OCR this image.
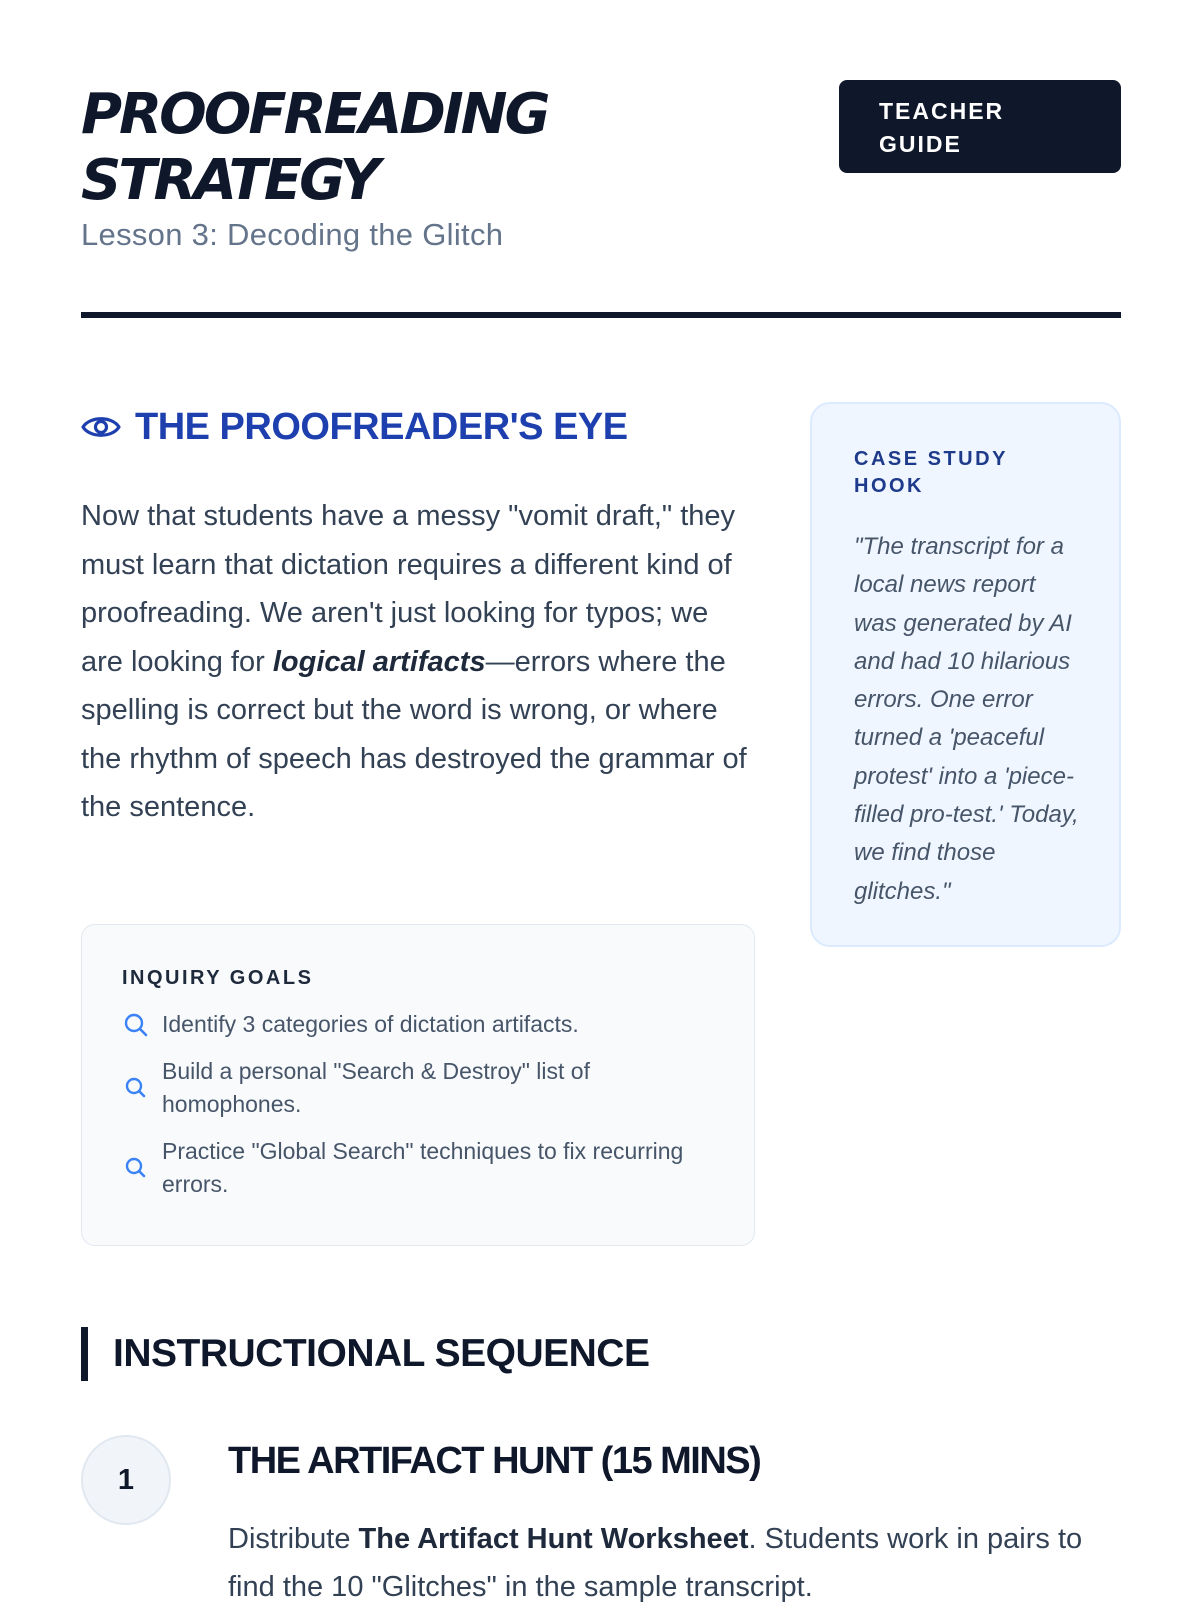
PROOFREADING
STRATEGY
Lesson 3: Decoding the Glitch
TEACHER
GUIDE
THE PROOFREADER'S EYE

Now that students have a messy "vomit draft," they must learn that dictation requires a different kind of proofreading. We aren't just looking for typos; we are looking for logical artifacts—errors where the spelling is correct but the word is wrong, or where the rhythm of speech has destroyed the grammar of the sentence.

INQUIRY GOALS
Identify 3 categories of dictation artifacts.
Build a personal "Search & Destroy" list of homophones.
Practice "Global Search" techniques to fix recurring errors.
CASE STUDY HOOK
"The transcript for a local news report was generated by AI and had 10 hilarious errors. One error turned a 'peaceful protest' into a 'piece-filled pro-test.' Today, we find those glitches."
INSTRUCTIONAL SEQUENCE
1	THE ARTIFACT HUNT (15 MINS)

Distribute The Artifact Hunt Worksheet. Students work in pairs to find the 10 "Glitches" in the sample transcript.
